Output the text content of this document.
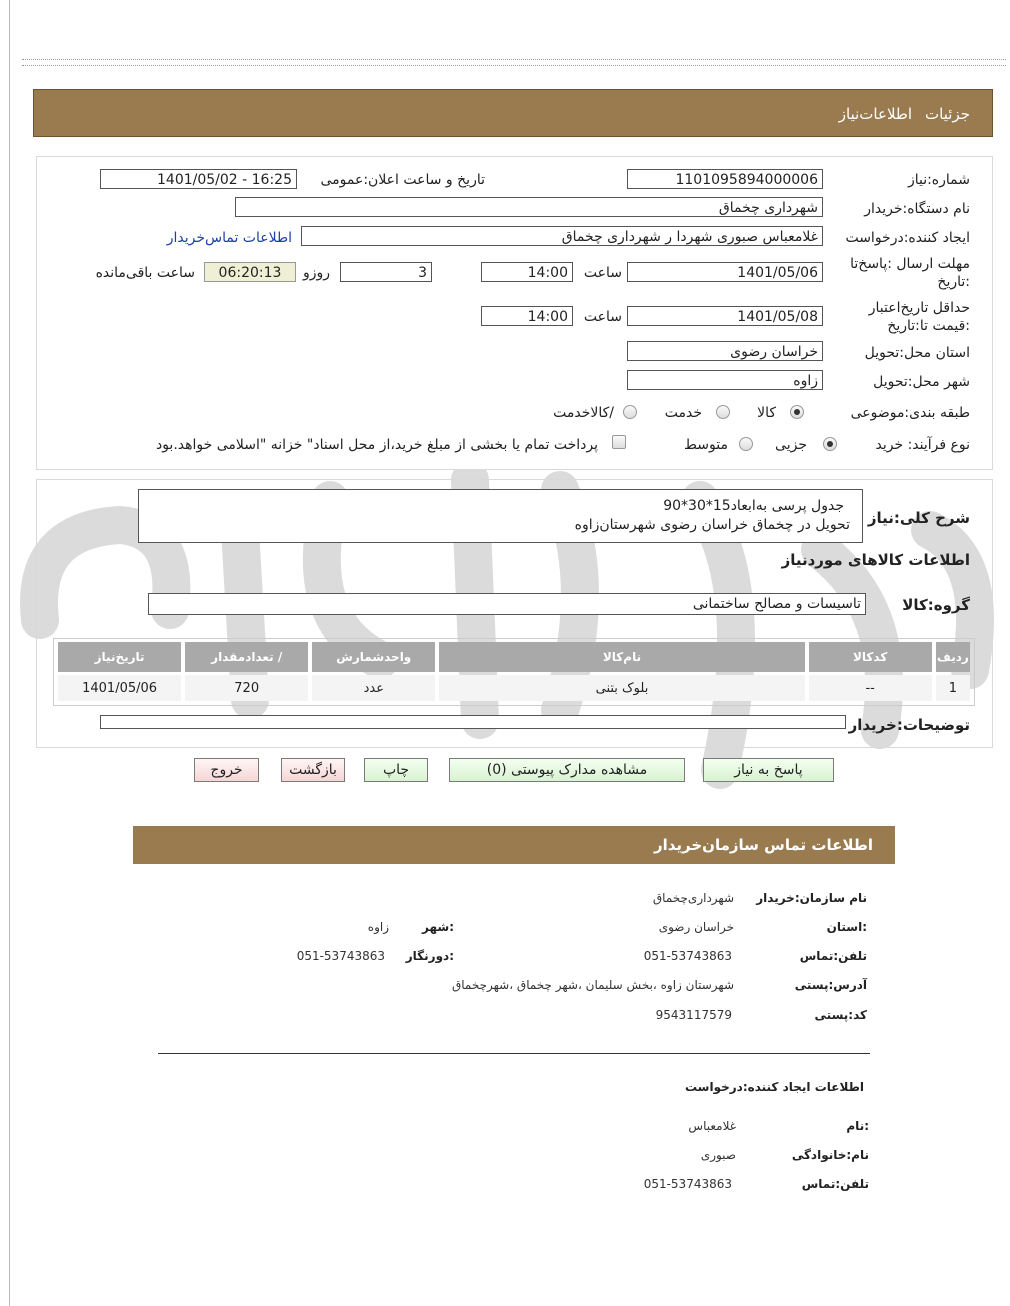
جزئیات
اطلاعات‌نیاز
شماره‌:نیاز
1101095894000006
تاریخ و ساعت اعلان:عمومی
1401/05/02 - 16:25
نام دستگاه‌:خریدار
شهرداری چخماق
ایجاد کننده‌:درخواست
غلامعباس صبوری شهردا ر شهرداری چخماق
اطلاعات تماس‌خریدار
مهلت ارسال :پاسخ‌تا
:تاریخ
1401/05/06
ساعت
14:00
3
روزو
06:20:13
ساعت باقی‌مانده
حداقل تاریخ‌اعتبار
:قیمت تا‌:تاریخ
1401/05/08
ساعت
14:00
استان محل‌:تحویل
خراسان رضوی
شهر محل‌:تحویل
زاوه
طبقه بندی‌:موضوعی
کالا
خدمت
/کالاخدمت
نوع فرآیند: خرید
جزیی
متوسط
پرداخت تمام یا بخشی از مبلغ خرید،از محل اسناد" خزانه "اسلامی خواهد.بود
شرح کلی‌:نیاز
جدول پرسی به‌ابعاد15*30*90
تحویل در چخماق خراسان رضوی شهرستان‌زاوه
اطلاعات کالاهای موردنیاز
گروه‌:کالا
تاسیسات و مصالح ساختمانی
ردیف	کدکالا	نام‌کالا	واحدشمارش	/ تعدادمقدار	تاریخ‌نیاز
1	--	بلوک بتنی	عدد	720	1401/05/06
توضیحات‌:خریدار
پاسخ به نیاز
مشاهده مدارک پیوستی (0)
چاپ
بازگشت
خروج
اطلاعات تماس سازمان‌خریدار
نام سازمان‌:خریدار
شهرداری‌چخماق
:استان
خراسان رضوی
:شهر
زاوه
تلفن‌:تماس
051-53743863
:دورنگار
051-53743863
آدرس‌:پستی
شهرستان زاوه ،بخش سلیمان ،شهر چخماق ،شهرچخماق
کد‌:پستی
9543117579
اطلاعات ایجاد کننده‌:درخواست
:نام
غلامعباس
نام‌:خانوادگی
صبوری
تلفن‌:تماس
051-53743863
